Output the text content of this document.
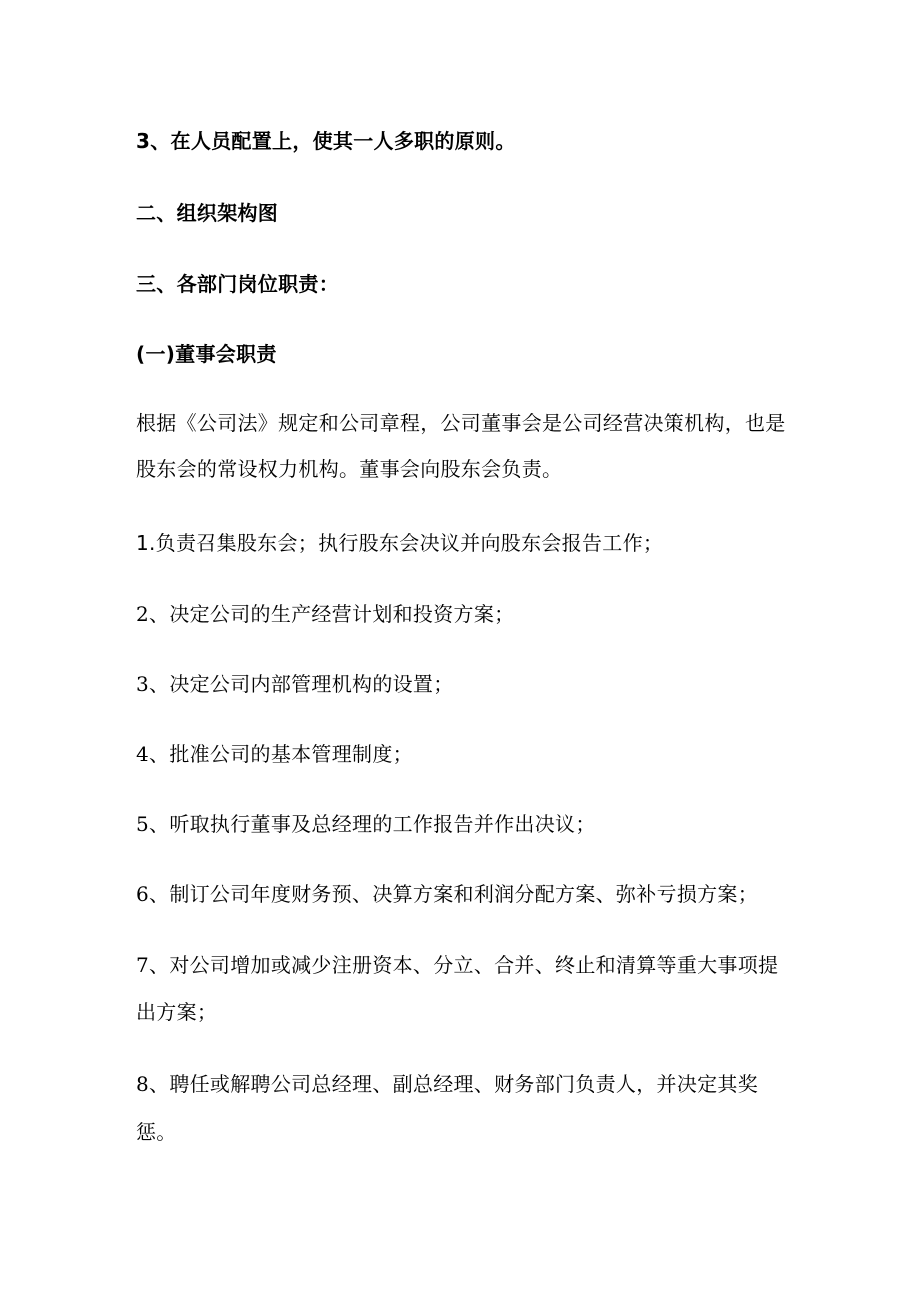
3、在人员配置上，使其一人多职的原则。
二、组织架构图
三、各部门岗位职责：
(一)董事会职责
根据《公司法》规定和公司章程，公司董事会是公司经营决策机构，也是
股东会的常设权力机构。董事会向股东会负责。
1.负责召集股东会；执行股东会决议并向股东会报告工作；
2、决定公司的生产经营计划和投资方案；
3、决定公司内部管理机构的设置；
4、批准公司的基本管理制度；
5、听取执行董事及总经理的工作报告并作出决议；
6、制订公司年度财务预、决算方案和利润分配方案、弥补亏损方案；
7、对公司增加或减少注册资本、分立、合并、终止和清算等重大事项提
出方案；
8、聘任或解聘公司总经理、副总经理、财务部门负责人，并决定其奖
惩。
